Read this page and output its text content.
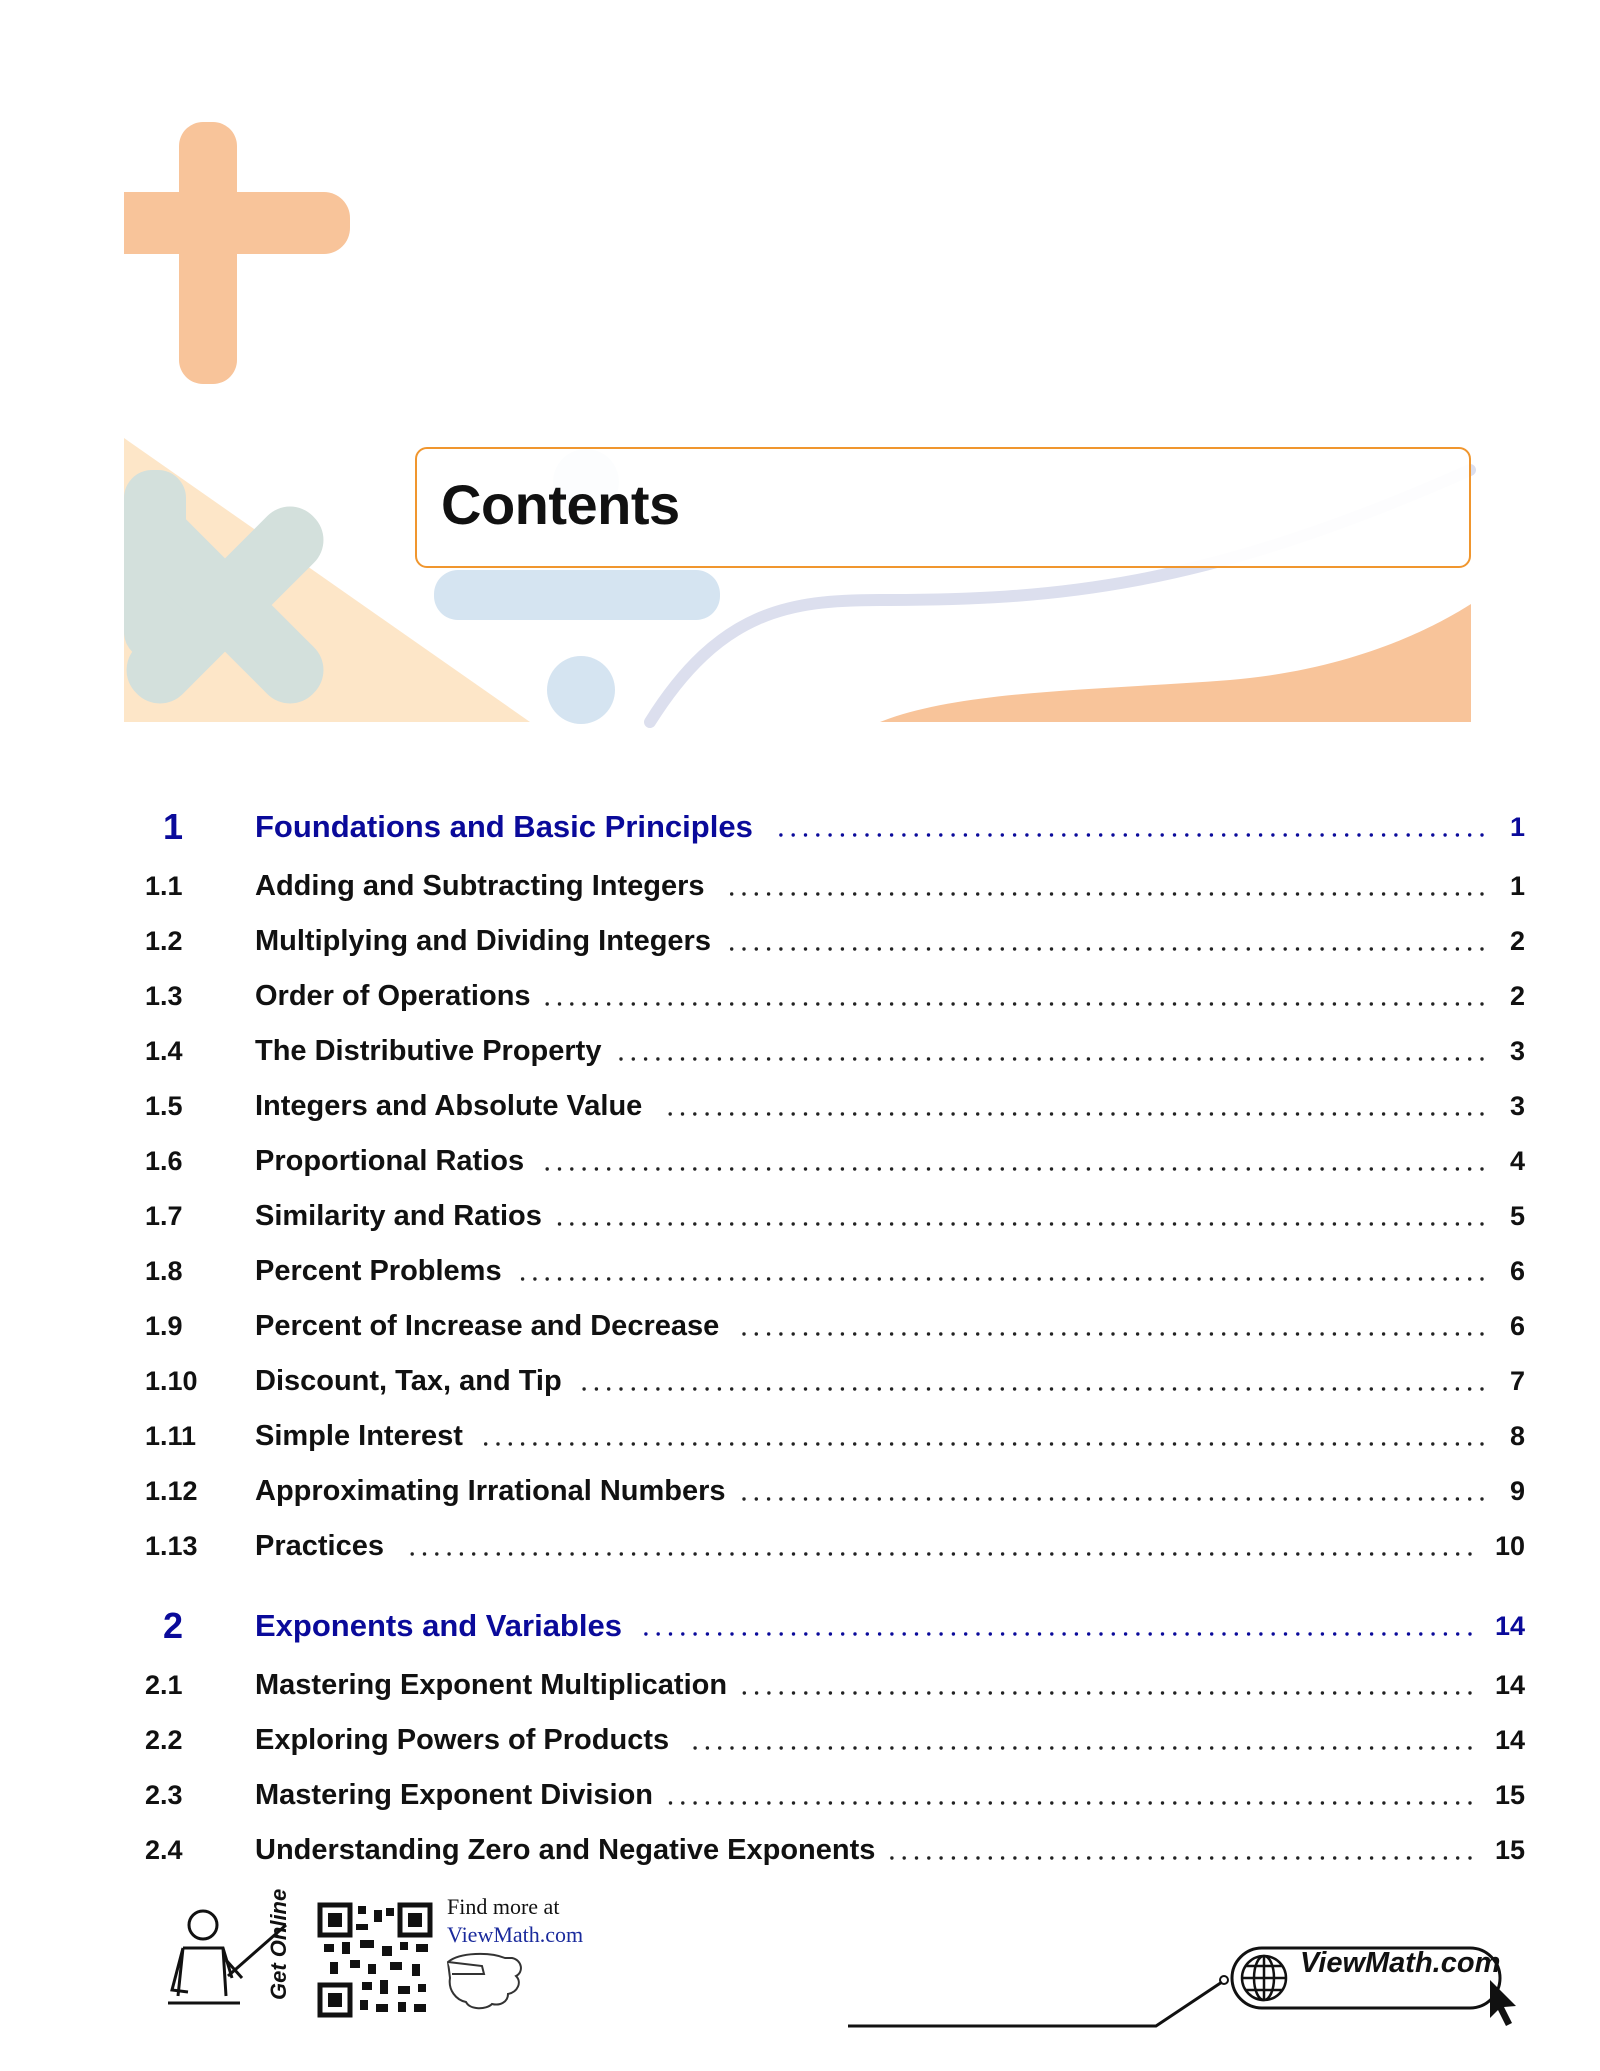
Contents
1 Foundations and Basic Principles	1
1.1 Adding and Subtracting Integers	1
1.2 Multiplying and Dividing Integers	2
1.3 Order of Operations	2
1.4 The Distributive Property	3
1.5 Integers and Absolute Value	3
1.6 Proportional Ratios	4
1.7 Similarity and Ratios	5
1.8 Percent Problems	6
1.9 Percent of Increase and Decrease	6
1.10 Discount, Tax, and Tip	7
1.11 Simple Interest	8
1.12 Approximating Irrational Numbers	9
1.13 Practices	10
2 Exponents and Variables	14
2.1 Mastering Exponent Multiplication	14
2.2 Exploring Powers of Products	14
2.3 Mastering Exponent Division	15
2.4 Understanding Zero and Negative Exponents	15
Get Online	Find more at
ViewMath.com
ViewMath.com
